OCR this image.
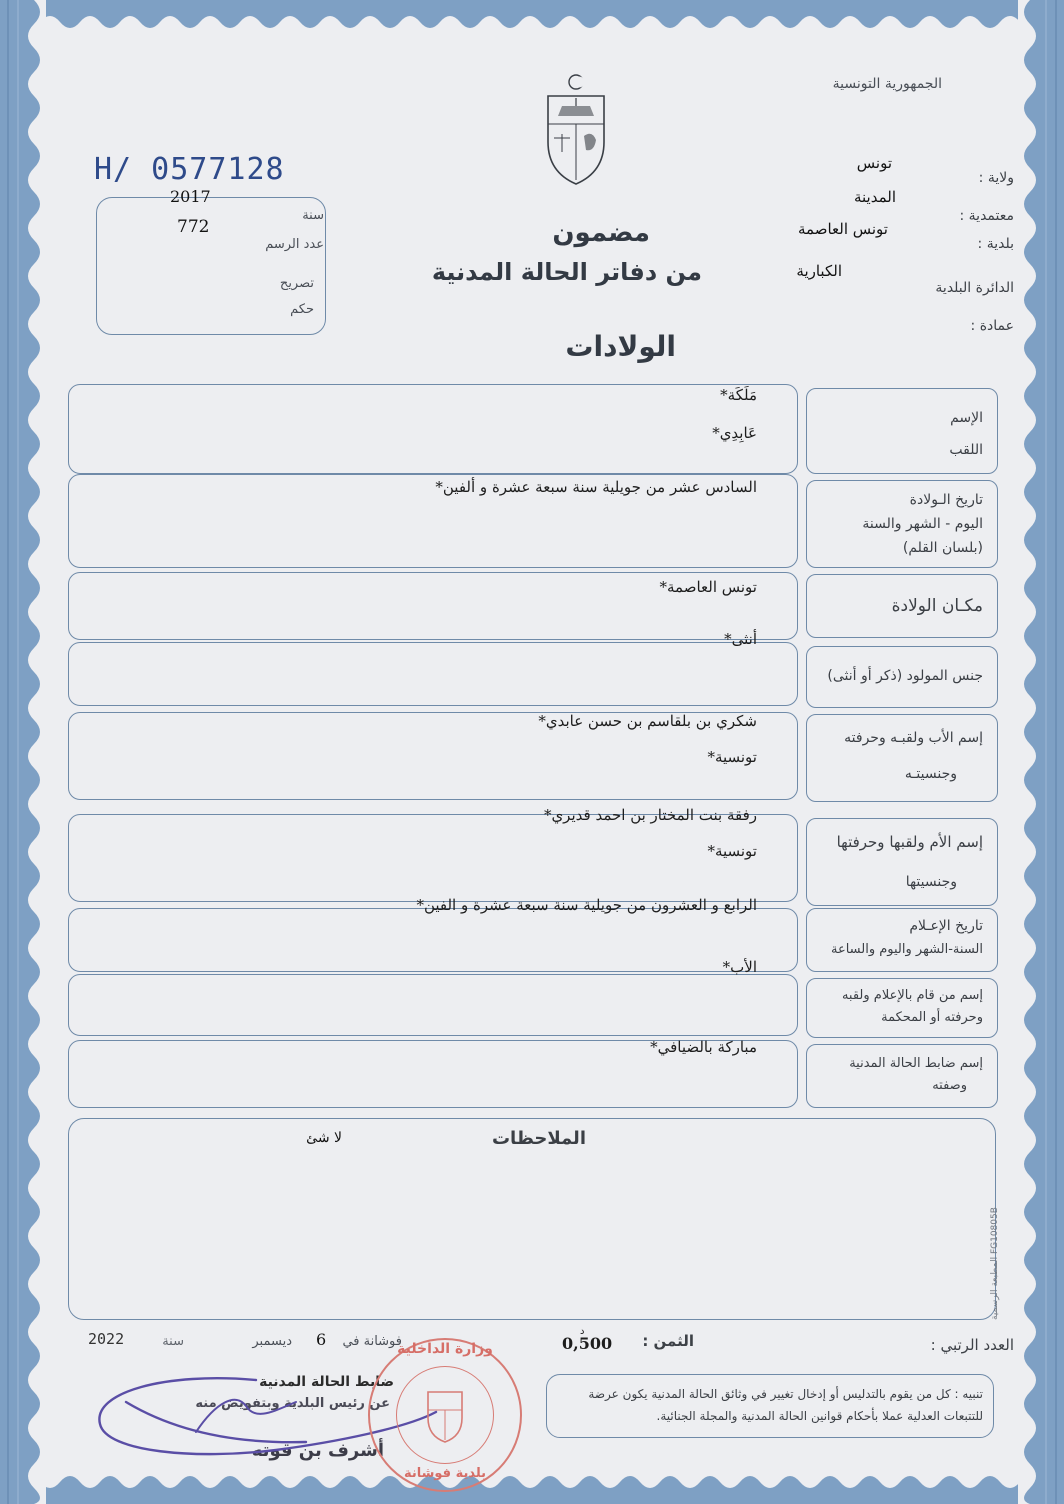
الجمهورية التونسية
H/ 0577128
2017
772
سنة
عدد الرسم
تصريح
حكم
مضمون
من دفاتر الحالة المدنية
الولادات
ولاية :
معتمدية :
بلدية :
الدائرة البلدية
عمادة :
تونس
المدينة
تونس العاصمة
الكبارية
الإسم
اللقب
مَلَكَة*
عَابِدِي*
تاريخ الـولادة
اليوم - الشهر والسنة
(بلسان القلم)
السادس عشر من جويلية سنة سبعة عشرة و ألفين*
مكـان الولادة
تونس العاصمة*
جنس المولود (ذكر أو أنثى)
أنثى*
إسم الأب ولقبـه وحرفته
وجنسيتـه
شكري بن بلقاسم بن حسن عابدي*
تونسية*
إسم الأم ولقبها وحرفتها
وجنسيتها
رفقة بنت المختار بن احمد قديري*
تونسية*
تاريخ الإعـلام
السنة-الشهر واليوم والساعة
الرابع و العشرون من جويلية سنة سبعة عشرة و الفين*
إسم من قام بالإعلام ولقبه
وحرفته أو المحكمة
الأب*
إسم ضابط الحالة المدنية
وصفته
مباركة بالضيافي*
الملاحظات
لا شئ
المطبعة الرسمية FG10805B
العدد الرتبي :
الثمن :
0,500
د
فوشانة في
6
ديسمبر
سنة
2022
ضابط الحالة المدنية
عن رئيس البلدية وبتفويض منه
أشرف بن قوته
وزارة الداخلية
بلدية فوشانة
تنبيه : كل من يقوم بالتدليس أو إدخال تغيير في وثائق الحالة المدنية يكون عرضة للتتبعات العدلية عملا بأحكام قوانين الحالة المدنية والمجلة الجنائية.
